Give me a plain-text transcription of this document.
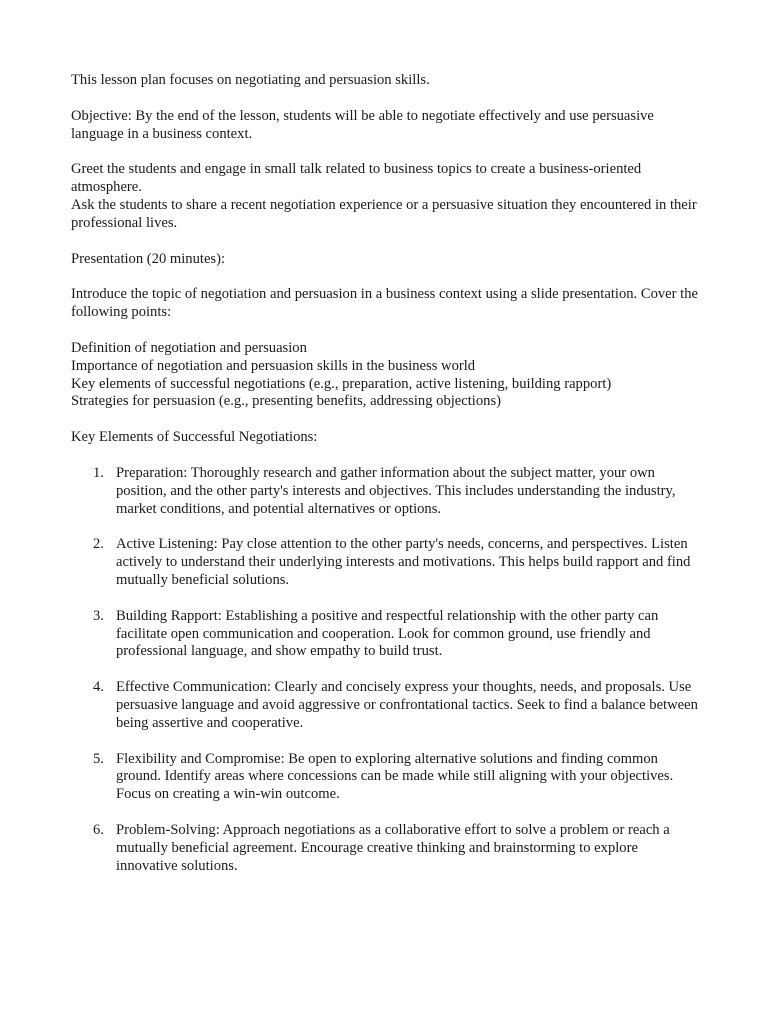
This lesson plan focuses on negotiating and persuasion skills.

Objective: By the end of the lesson, students will be able to negotiate effectively and use persuasive language in a business context.

Greet the students and engage in small talk related to business topics to create a business-oriented atmosphere.

Ask the students to share a recent negotiation experience or a persuasive situation they encountered in their professional lives.

Presentation (20 minutes):

Introduce the topic of negotiation and persuasion in a business context using a slide presentation. Cover the following points:

Definition of negotiation and persuasion
Importance of negotiation and persuasion skills in the business world
Key elements of successful negotiations (e.g., preparation, active listening, building rapport)
Strategies for persuasion (e.g., presenting benefits, addressing objections)

Key Elements of Successful Negotiations:

1. Preparation: Thoroughly research and gather information about the subject matter, your own position, and the other party's interests and objectives. This includes understanding the industry, market conditions, and potential alternatives or options.
2. Active Listening: Pay close attention to the other party's needs, concerns, and perspectives. Listen actively to understand their underlying interests and motivations. This helps build rapport and find mutually beneficial solutions.
3. Building Rapport: Establishing a positive and respectful relationship with the other party can facilitate open communication and cooperation. Look for common ground, use friendly and professional language, and show empathy to build trust.
4. Effective Communication: Clearly and concisely express your thoughts, needs, and proposals. Use persuasive language and avoid aggressive or confrontational tactics. Seek to find a balance between being assertive and cooperative.
5. Flexibility and Compromise: Be open to exploring alternative solutions and finding common ground. Identify areas where concessions can be made while still aligning with your objectives. Focus on creating a win-win outcome.
6. Problem-Solving: Approach negotiations as a collaborative effort to solve a problem or reach a mutually beneficial agreement. Encourage creative thinking and brainstorming to explore innovative solutions.
